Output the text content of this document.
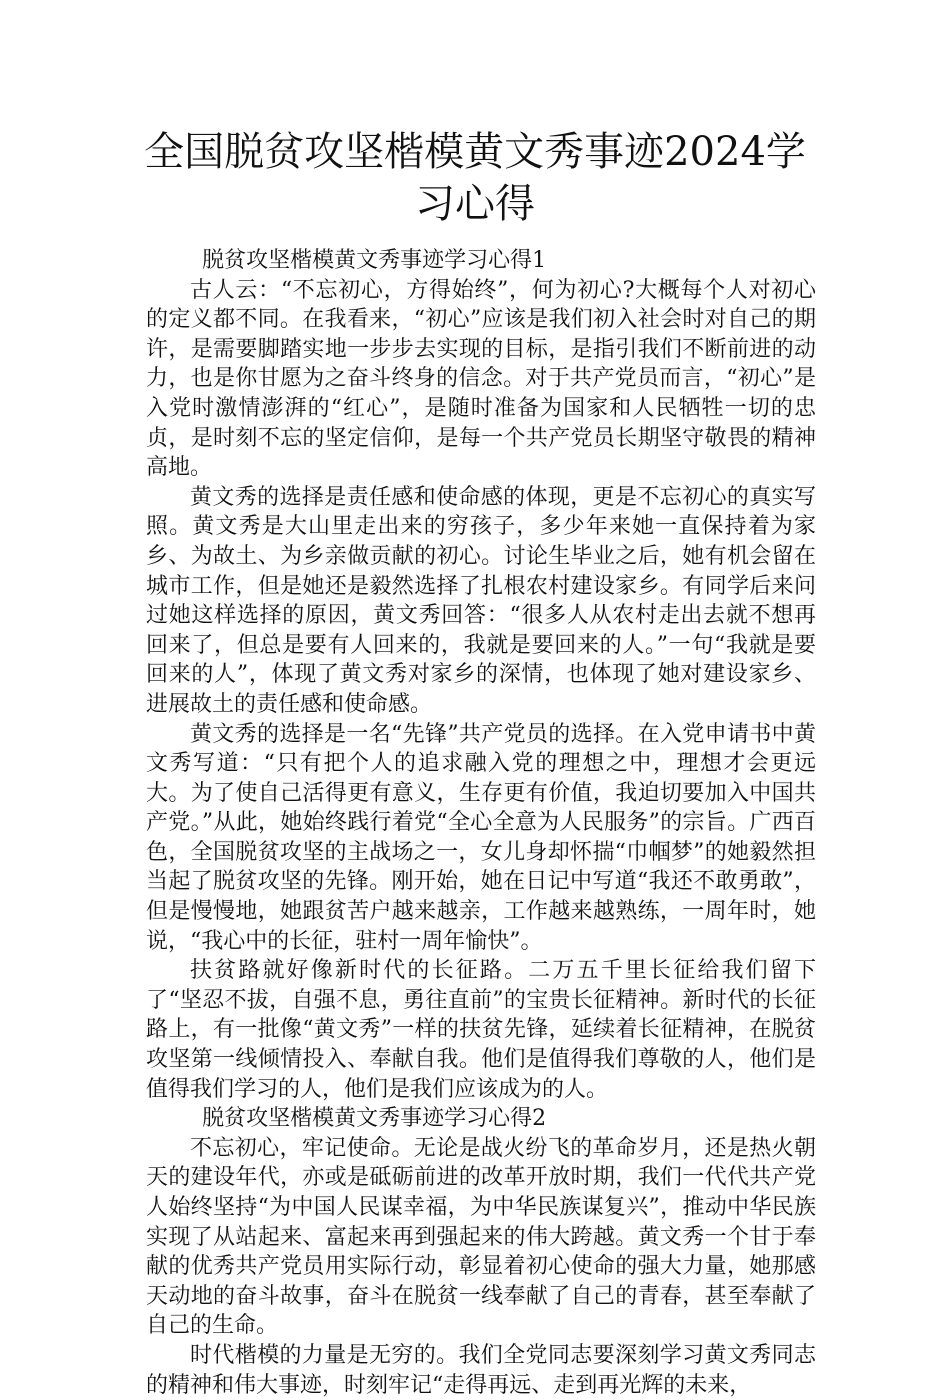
全国脱贫攻坚楷模黄文秀事迹2024学习心得

脱贫攻坚楷模黄文秀事迹学习心得1

古人云：“不忘初心，方得始终”，何为初心?大概每个人对初心的定义都不同。在我看来，“初心”应该是我们初入社会时对自己的期许，是需要脚踏实地一步步去实现的目标，是指引我们不断前进的动力，也是你甘愿为之奋斗终身的信念。对于共产党员而言，“初心”是入党时激情澎湃的“红心”，是随时准备为国家和人民牺牲一切的忠贞，是时刻不忘的坚定信仰，是每一个共产党员长期坚守敬畏的精神高地。

黄文秀的选择是责任感和使命感的体现，更是不忘初心的真实写照。黄文秀是大山里走出来的穷孩子，多少年来她一直保持着为家乡、为故土、为乡亲做贡献的初心。讨论生毕业之后，她有机会留在城市工作，但是她还是毅然选择了扎根农村建设家乡。有同学后来问过她这样选择的原因，黄文秀回答：“很多人从农村走出去就不想再回来了，但总是要有人回来的，我就是要回来的人。”一句“我就是要回来的人”，体现了黄文秀对家乡的深情，也体现了她对建设家乡、进展故土的责任感和使命感。

黄文秀的选择是一名“先锋”共产党员的选择。在入党申请书中黄文秀写道：“只有把个人的追求融入党的理想之中，理想才会更远大。为了使自己活得更有意义，生存更有价值，我迫切要加入中国共产党。”从此，她始终践行着党“全心全意为人民服务”的宗旨。广西百色，全国脱贫攻坚的主战场之一，女儿身却怀揣“巾帼梦”的她毅然担当起了脱贫攻坚的先锋。刚开始，她在日记中写道“我还不敢勇敢”，但是慢慢地，她跟贫苦户越来越亲，工作越来越熟练，一周年时，她说，“我心中的长征，驻村一周年愉快”。

扶贫路就好像新时代的长征路。二万五千里长征给我们留下了“坚忍不拔，自强不息，勇往直前”的宝贵长征精神。新时代的长征路上，有一批像“黄文秀”一样的扶贫先锋，延续着长征精神，在脱贫攻坚第一线倾情投入、奉献自我。他们是值得我们尊敬的人，他们是值得我们学习的人，他们是我们应该成为的人。

脱贫攻坚楷模黄文秀事迹学习心得2

不忘初心，牢记使命。无论是战火纷飞的革命岁月，还是热火朝天的建设年代，亦或是砥砺前进的改革开放时期，我们一代代共产党人始终坚持“为中国人民谋幸福，为中华民族谋复兴”，推动中华民族实现了从站起来、富起来再到强起来的伟大跨越。黄文秀一个甘于奉献的优秀共产党员用实际行动，彰显着初心使命的强大力量，她那感天动地的奋斗故事，奋斗在脱贫一线奉献了自己的青春，甚至奉献了自己的生命。

时代楷模的力量是无穷的。我们全党同志要深刻学习黄文秀同志的精神和伟大事迹，时刻牢记“走得再远、走到再光辉的未来，
